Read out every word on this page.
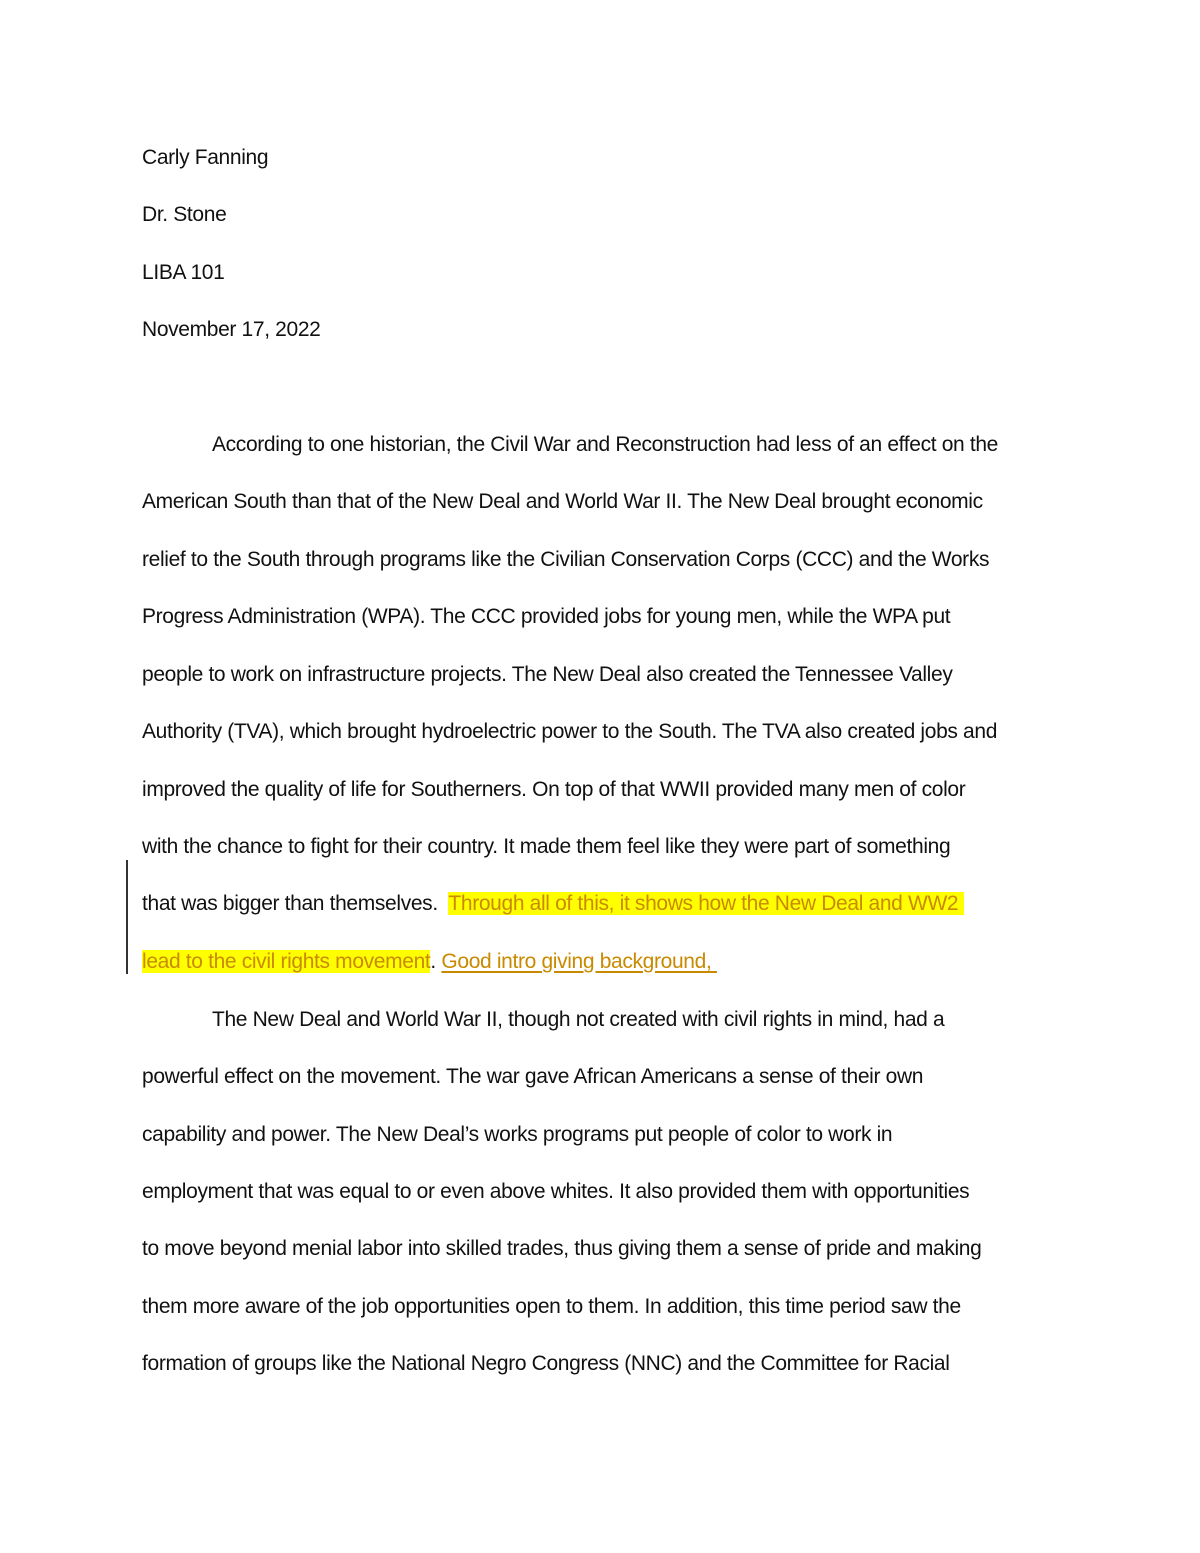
Carly Fanning
Dr. Stone
LIBA 101
November 17, 2022
According to one historian, the Civil War and Reconstruction had less of an effect on the
American South than that of the New Deal and World War II. The New Deal brought economic
relief to the South through programs like the Civilian Conservation Corps (CCC) and the Works
Progress Administration (WPA). The CCC provided jobs for young men, while the WPA put
people to work on infrastructure projects. The New Deal also created the Tennessee Valley
Authority (TVA), which brought hydroelectric power to the South. The TVA also created jobs and
improved the quality of life for Southerners. On top of that WWII provided many men of color
with the chance to fight for their country. It made them feel like they were part of something
that was bigger than themselves.  Through all of this, it shows how the New Deal and WW2
lead to the civil rights movement. Good intro giving background,
The New Deal and World War II, though not created with civil rights in mind, had a
powerful effect on the movement. The war gave African Americans a sense of their own
capability and power. The New Deal’s works programs put people of color to work in
employment that was equal to or even above whites. It also provided them with opportunities
to move beyond menial labor into skilled trades, thus giving them a sense of pride and making
them more aware of the job opportunities open to them. In addition, this time period saw the
formation of groups like the National Negro Congress (NNC) and the Committee for Racial
